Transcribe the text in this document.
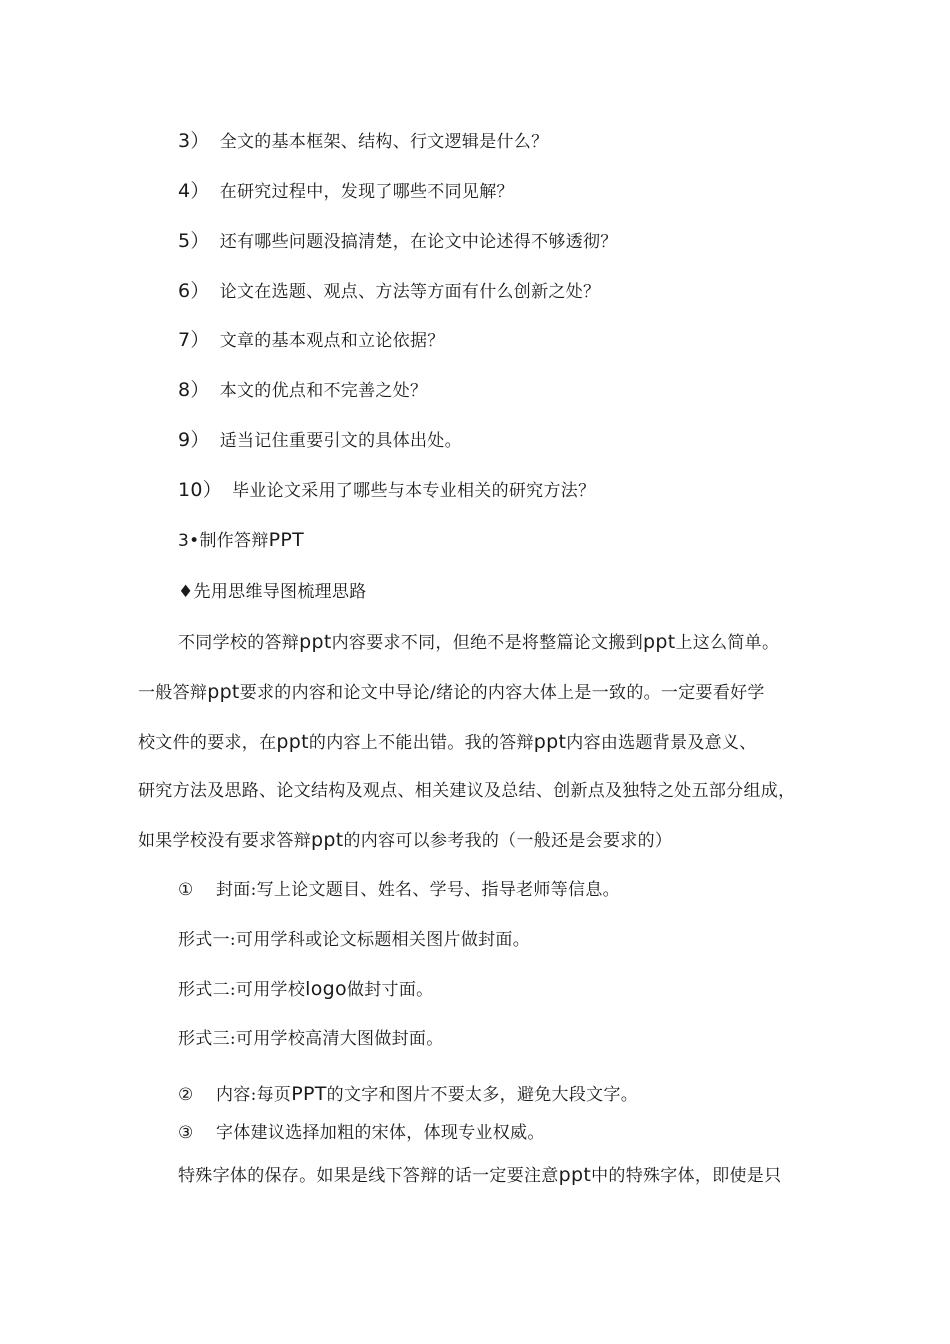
3） 全文的基本框架、结构、行文逻辑是什么？
4） 在研究过程中，发现了哪些不同见解？
5） 还有哪些问题没搞清楚，在论文中论述得不够透彻？
6） 论文在选题、观点、方法等方面有什么创新之处？
7） 文章的基本观点和立论依据？
8） 本文的优点和不完善之处？
9） 适当记住重要引文的具体出处。
10） 毕业论文采用了哪些与本专业相关的研究方法？
3•制作答辩PPT
♦先用思维导图梳理思路
不同学校的答辩ppt内容要求不同，但绝不是将整篇论文搬到ppt上这么简单。
一般答辩ppt要求的内容和论文中导论/绪论的内容大体上是一致的。一定要看好学
校文件的要求，在ppt的内容上不能出错。我的答辩ppt内容由选题背景及意义、
研究方法及思路、论文结构及观点、相关建议及总结、创新点及独特之处五部分组成，
如果学校没有要求答辩ppt的内容可以参考我的（一般还是会要求的）
① 封面:写上论文题目、姓名、学号、指导老师等信息。
形式一:可用学科或论文标题相关图片做封面。
形式二:可用学校logo做封寸面。
形式三:可用学校高清大图做封面。
② 内容:每页PPT的文字和图片不要太多，避免大段文字。
③ 字体建议选择加粗的宋体，体现专业权威。
特殊字体的保存。如果是线下答辩的话一定要注意ppt中的特殊字体，即使是只
